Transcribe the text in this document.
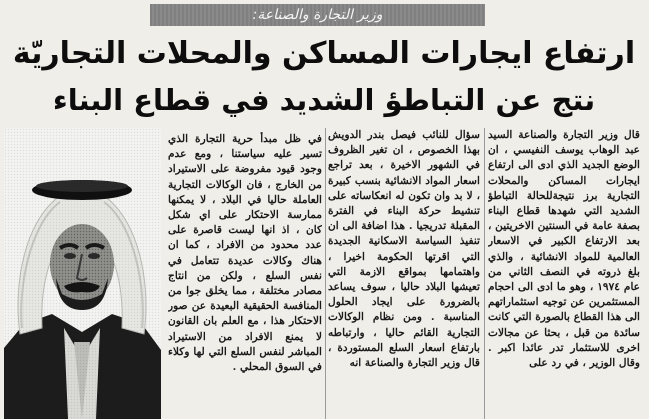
وزير التجارة والصناعة:
ارتفاع ايجارات المساكن والمحلات التجاريّة
نتج عن التباطؤ الشديد في قطاع البناء

قال وزير التجارة والصناعة السيد عبد الوهاب يوسف النفيسي ، ان الوضع الجديد الذي ادى الى ارتفاع ايجارات المساكن والمحلات التجارية برز نتيجةللحالة التباطؤ الشديد التي شهدها قطاع البناء بصفة عامة في السنتين الاخريتين ، بعد الارتفاع الكبير في الاسعار العالمية للمواد الانشائية ، والذي بلغ ذروته في النصف الثاني من عام ١٩٧٤ ، وهو ما ادى الى احجام المستثمرين عن توجيه استثماراتهم الى هذا القطاع بالصورة التي كانت سائدة من قبل ، بحثا عن مجالات اخرى للاستثمار تدر عائدا اكبر . وقال الوزير ، في رد على

سؤال للنائب فيصل بندر الدويش بهذا الخصوص ، ان تغير الظروف في الشهور الاخيرة ، بعد تراجع اسعار المواد الانشائية بنسب كبيرة ، لا بد وان تكون له انعكاساته على تنشيط حركة البناء في الفترة المقبلة تدريجيا . هذا اضافة الى ان تنفيذ السياسة الاسكانية الجديدة التي اقرتها الحكومة اخيرا ، واهتمامها بمواقع الازمة التي تعيشها البلاد حاليا ، سوف يساعد بالضرورة على ايجاد الحلول المناسبة . ومن نظام الوكالات التجارية القائم حاليا ، وارتباطه بارتفاع اسعار السلع المستوردة ، قال وزير التجارة والصناعة انه

في ظل مبدأ حرية التجارة الذي تسير عليه سياستنا ، ومع عدم وجود قيود مفروضة على الاستيراد من الخارج ، فان الوكالات التجارية العاملة حاليا في البلاد ، لا يمكنها ممارسة الاحتكار على اي شكل كان ، اذ انها ليست قاصرة على عدد محدود من الافراد ، كما ان هناك وكالات عديدة تتعامل في نفس السلع ، ولكن من انتاج مصادر مختلفة ، مما يخلق جوا من المنافسة الحقيقية البعيدة عن صور الاحتكار هذا ، مع العلم بان القانون لا يمنع الافراد من الاستيراد المباشر لنفس السلع التي لها وكلاء في السوق المحلي .
